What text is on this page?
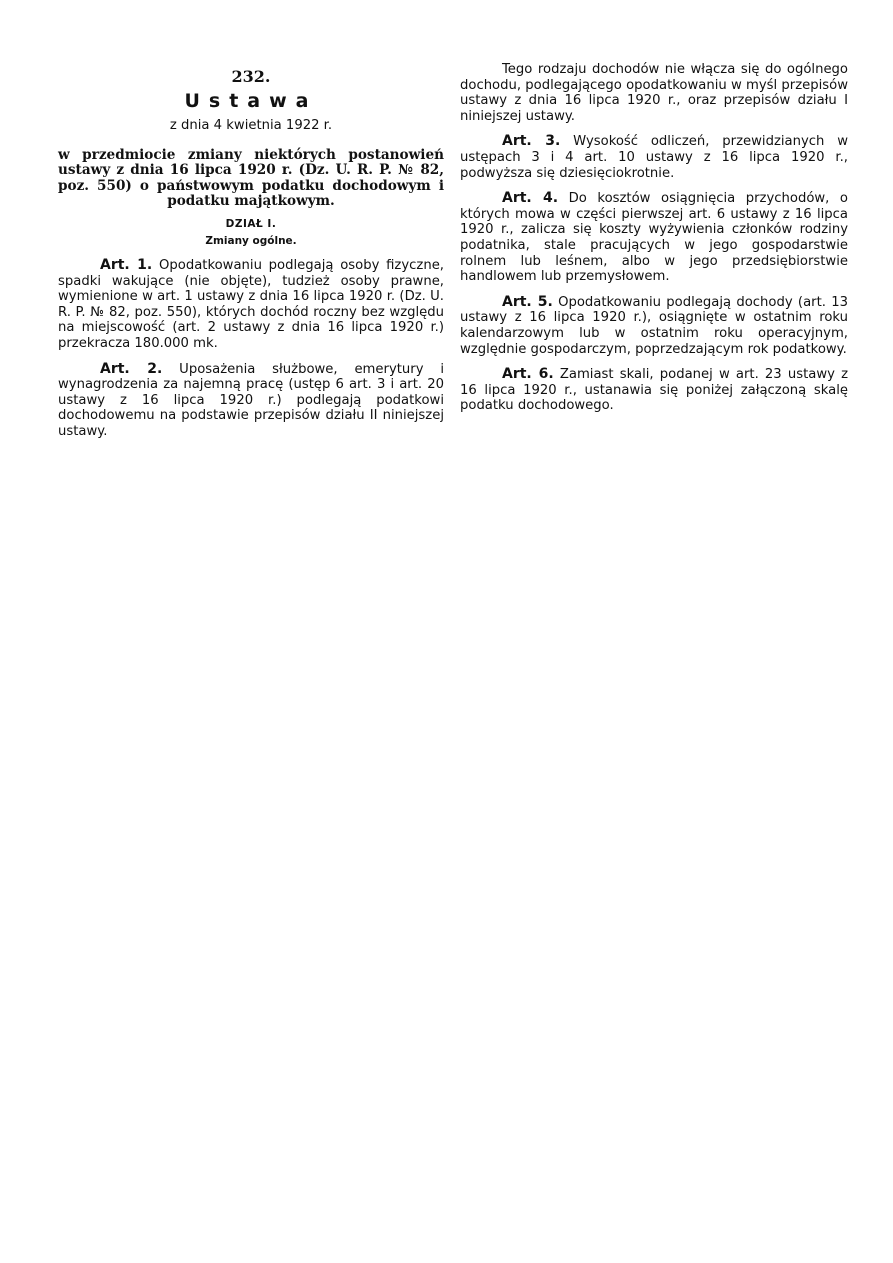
232.
Ustawa
z dnia 4 kwietnia 1922 r.
w przedmiocie zmiany niektórych postanowień ustawy z dnia 16 lipca 1920 r. (Dz. U. R. P. № 82, poz. 550) o państwowym podatku dochodowym i podatku majątkowym.
DZIAŁ I.
Zmiany ogólne.

Art. 1. Opodatkowaniu podlegają osoby fizyczne, spadki wakujące (nie objęte), tudzież osoby prawne, wymienione w art. 1 ustawy z dnia 16 lipca 1920 r. (Dz. U. R. P. № 82, poz. 550), których dochód roczny bez względu na miejscowość (art. 2 ustawy z dnia 16 lipca 1920 r.) przekracza 180.000 mk.

Art. 2. Uposażenia służbowe, emerytury i wynagrodzenia za najemną pracę (ustęp 6 art. 3 i art. 20 ustawy z 16 lipca 1920 r.) podlegają podatkowi dochodowemu na podstawie przepisów działu II niniejszej ustawy.

Tego rodzaju dochodów nie włącza się do ogólnego dochodu, podlegającego opodatkowaniu w myśl przepisów ustawy z dnia 16 lipca 1920 r., oraz przepisów działu I niniejszej ustawy.

Art. 3. Wysokość odliczeń, przewidzianych w ustępach 3 i 4 art. 10 ustawy z 16 lipca 1920 r., podwyższa się dziesięciokrotnie.

Art. 4. Do kosztów osiągnięcia przychodów, o których mowa w części pierwszej art. 6 ustawy z 16 lipca 1920 r., zalicza się koszty wyżywienia członków rodziny podatnika, stale pracujących w jego gospodarstwie rolnem lub leśnem, albo w jego przedsiębiorstwie handlowem lub przemysłowem.

Art. 5. Opodatkowaniu podlegają dochody (art. 13 ustawy z 16 lipca 1920 r.), osiągnięte w ostatnim roku kalendarzowym lub w ostatnim roku operacyjnym, względnie gospodarczym, poprzedzającym rok podatkowy.

Art. 6. Zamiast skali, podanej w art. 23 ustawy z 16 lipca 1920 r., ustanawia się poniżej załączoną skalę podatku dochodowego.
